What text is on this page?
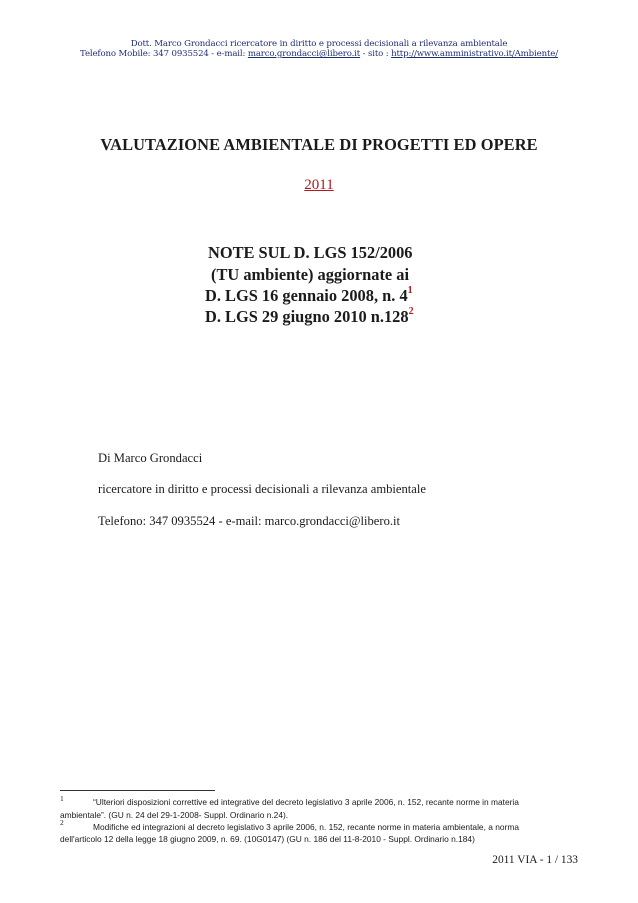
Dott. Marco Grondacci ricercatore in diritto e processi decisionali a rilevanza ambientale
Telefono Mobile: 347 0935524 - e-mail: marco.grondacci@libero.it - sito : http://www.amministrativo.it/Ambiente/
VALUTAZIONE AMBIENTALE DI PROGETTI ED OPERE
2011
NOTE SUL D. LGS 152/2006
(TU ambiente) aggiornate ai
D. LGS 16 gennaio 2008, n. $4^1$
D. LGS 29 giugno 2010 n.128$^2$
Di Marco Grondacci
ricercatore in diritto e processi decisionali a rilevanza ambientale
Telefono: 347 0935524 - e-mail: marco.grondacci@libero.it
1	“Ulteriori disposizioni correttive ed integrative del decreto legislativo 3 aprile 2006, n. 152, recante norme in materia
ambientale”. (GU n. 24 del 29-1-2008- Suppl. Ordinario n.24).
2	Modifiche ed integrazioni al decreto legislativo 3 aprile 2006, n. 152, recante norme in materia ambientale, a norma
dell'articolo 12 della legge 18 giugno 2009, n. 69. (10G0147) (GU n. 186 del 11-8-2010 - Suppl. Ordinario n.184)
2011 VIA - 1 / 133
